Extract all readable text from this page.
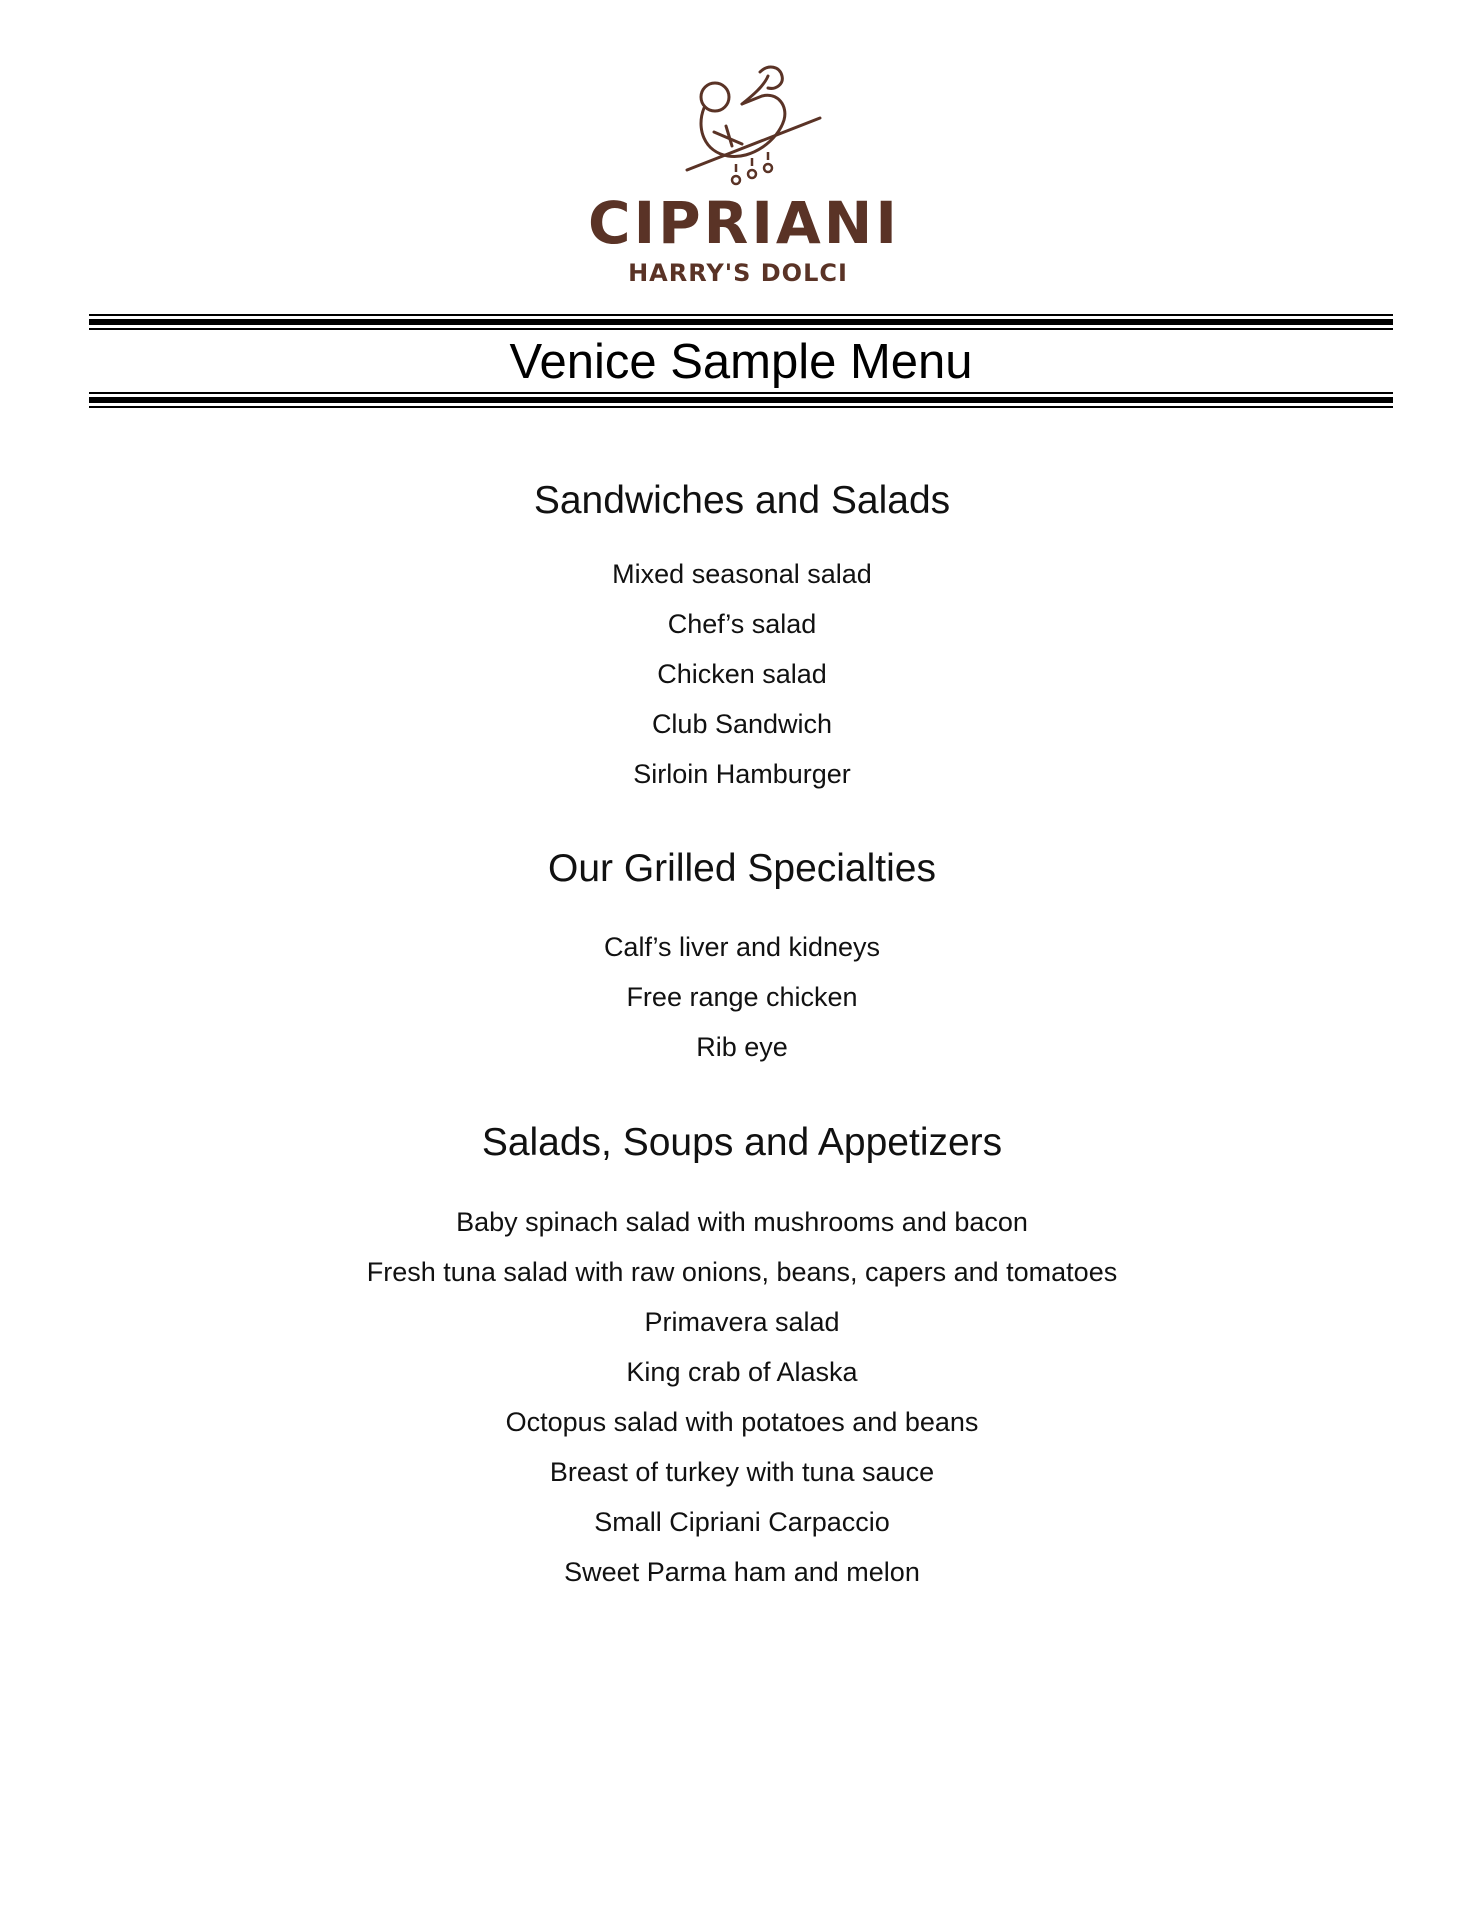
CIPRIANI
HARRY'S DOLCI
Venice Sample Menu
Sandwiches and Salads
Mixed seasonal salad
Chef’s salad
Chicken salad
Club Sandwich
Sirloin Hamburger
Our Grilled Specialties
Calf’s liver and kidneys
Free range chicken
Rib eye
Salads, Soups and Appetizers
Baby spinach salad with mushrooms and bacon
Fresh tuna salad with raw onions, beans, capers and tomatoes
Primavera salad
King crab of Alaska
Octopus salad with potatoes and beans
Breast of turkey with tuna sauce
Small Cipriani Carpaccio
Sweet Parma ham and melon
